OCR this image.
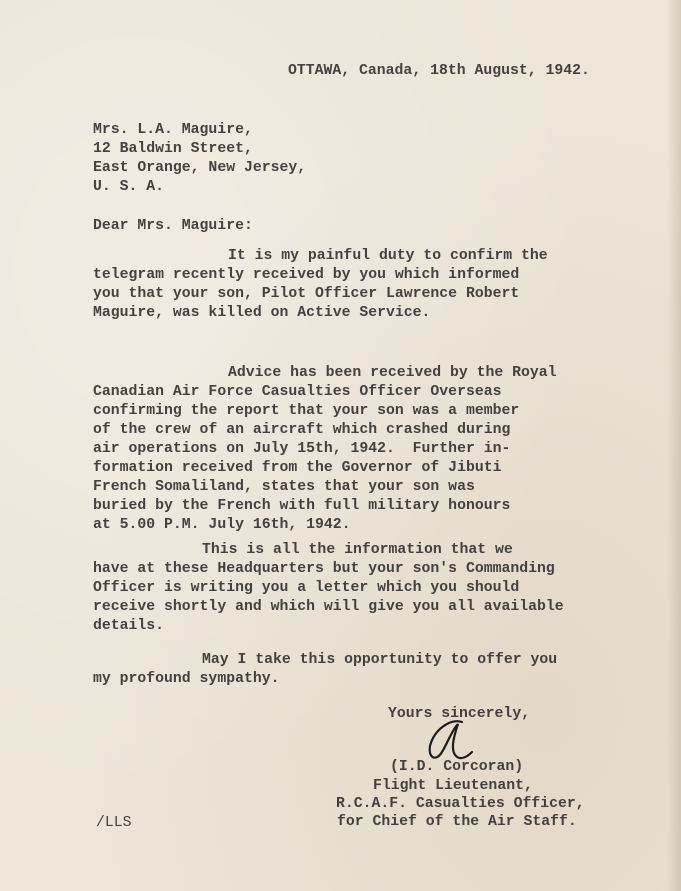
OTTAWA, Canada, 18th August, 1942.
Mrs. L.A. Maguire,
12 Baldwin Street,
East Orange, New Jersey,
U. S. A.
Dear Mrs. Maguire:
It is my painful duty to confirm the
telegram recently received by you which informed
you that your son, Pilot Officer Lawrence Robert
Maguire, was killed on Active Service.
Advice has been received by the Royal
Canadian Air Force Casualties Officer Overseas
confirming the report that your son was a member
of the crew of an aircraft which crashed during
air operations on July 15th, 1942.  Further in-
formation received from the Governor of Jibuti
French Somaliland, states that your son was
buried by the French with full military honours
at 5.00 P.M. July 16th, 1942.
This is all the information that we
have at these Headquarters but your son's Commanding
Officer is writing you a letter which you should
receive shortly and which will give you all available
details.
May I take this opportunity to offer you
my profound sympathy.
Yours sincerely,
(I.D. Corcoran)
Flight Lieutenant,
R.C.A.F. Casualties Officer,
for Chief of the Air Staff.
/LLS
